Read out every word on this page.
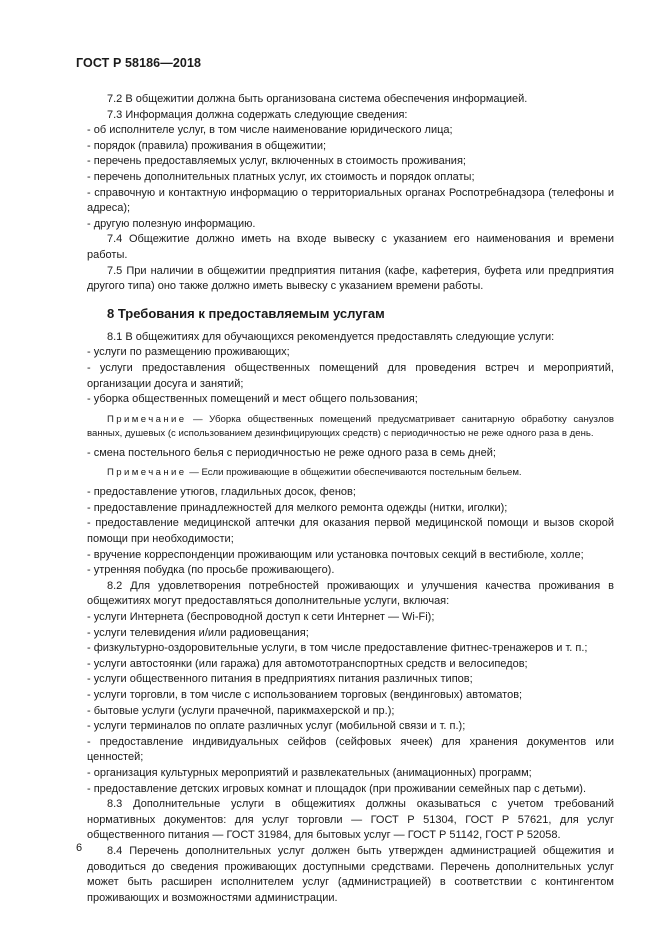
ГОСТ Р 58186—2018

7.2 В общежитии должна быть организована система обеспечения информацией.

7.3 Информация должна содержать следующие сведения:

- об исполнителе услуг, в том числе наименование юридического лица;

- порядок (правила) проживания в общежитии;

- перечень предоставляемых услуг, включенных в стоимость проживания;

- перечень дополнительных платных услуг, их стоимость и порядок оплаты;

- справочную и контактную информацию о территориальных органах Роспотребнадзора (телефоны и адреса);

- другую полезную информацию.

7.4 Общежитие должно иметь на входе вывеску с указанием его наименования и времени работы.

7.5 При наличии в общежитии предприятия питания (кафе, кафетерия, буфета или предприятия другого типа) оно также должно иметь вывеску с указанием времени работы.

8 Требования к предоставляемым услугам

8.1 В общежитиях для обучающихся рекомендуется предоставлять следующие услуги:

- услуги по размещению проживающих;

- услуги предоставления общественных помещений для проведения встреч и мероприятий, организации досуга и занятий;

- уборка общественных помещений и мест общего пользования;

Примечание — Уборка общественных помещений предусматривает санитарную обработку санузлов ванных, душевых (с использованием дезинфицирующих средств) с периодичностью не реже одного раза в день.

- смена постельного белья с периодичностью не реже одного раза в семь дней;

Примечание — Если проживающие в общежитии обеспечиваются постельным бельем.

- предоставление утюгов, гладильных досок, фенов;

- предоставление принадлежностей для мелкого ремонта одежды (нитки, иголки);

- предоставление медицинской аптечки для оказания первой медицинской помощи и вызов скорой помощи при необходимости;

- вручение корреспонденции проживающим или установка почтовых секций в вестибюле, холле;

- утренняя побудка (по просьбе проживающего).

8.2 Для удовлетворения потребностей проживающих и улучшения качества проживания в общежитиях могут предоставляться дополнительные услуги, включая:

- услуги Интернета (беспроводной доступ к сети Интернет — Wi-Fi);

- услуги телевидения и/или радиовещания;

- физкультурно-оздоровительные услуги, в том числе предоставление фитнес-тренажеров и т. п.;

- услуги автостоянки (или гаража) для автомототранспортных средств и велосипедов;

- услуги общественного питания в предприятиях питания различных типов;

- услуги торговли, в том числе с использованием торговых (вендинговых) автоматов;

- бытовые услуги (услуги прачечной, парикмахерской и пр.);

- услуги терминалов по оплате различных услуг (мобильной связи и т. п.);

- предоставление индивидуальных сейфов (сейфовых ячеек) для хранения документов или ценностей;

- организация культурных мероприятий и развлекательных (анимационных) программ;

- предоставление детских игровых комнат и площадок (при проживании семейных пар с детьми).

8.3 Дополнительные услуги в общежитиях должны оказываться с учетом требований нормативных документов: для услуг торговли — ГОСТ Р 51304, ГОСТ Р 57621, для услуг общественного питания — ГОСТ 31984, для бытовых услуг — ГОСТ Р 51142, ГОСТ Р 52058.

8.4 Перечень дополнительных услуг должен быть утвержден администрацией общежития и доводиться до сведения проживающих доступными средствами. Перечень дополнительных услуг может быть расширен исполнителем услуг (администрацией) в соответствии с контингентом проживающих и возможностями администрации.

6
